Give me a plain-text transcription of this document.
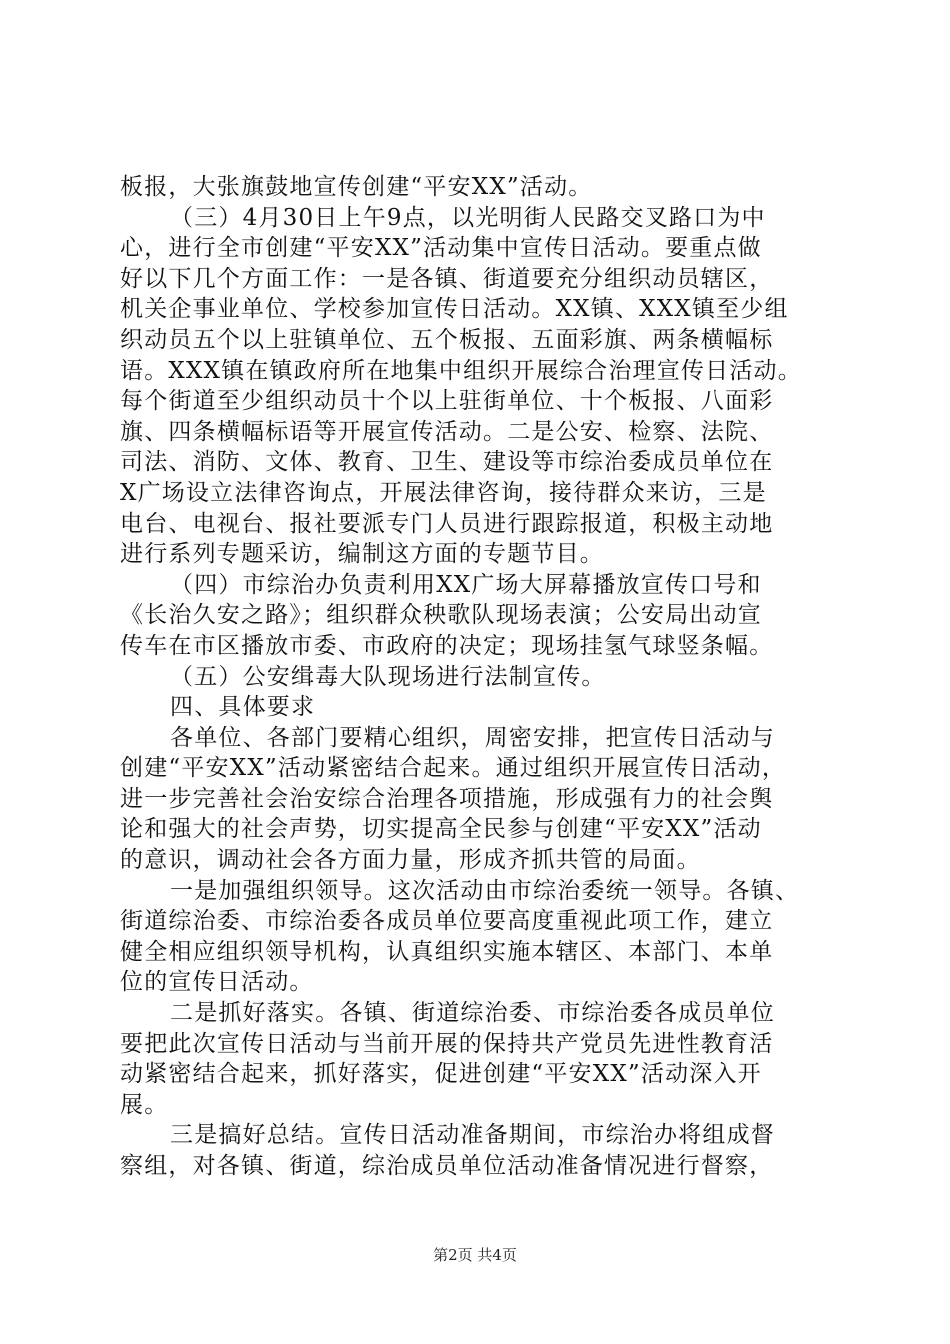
板报，大张旗鼓地宣传创建“平安XX”活动。
（三）4月30日上午9点，以光明街人民路交叉路口为中
心，进行全市创建“平安XX”活动集中宣传日活动。要重点做
好以下几个方面工作：一是各镇、街道要充分组织动员辖区，
机关企事业单位、学校参加宣传日活动。XX镇、XXX镇至少组
织动员五个以上驻镇单位、五个板报、五面彩旗、两条横幅标
语。XXX镇在镇政府所在地集中组织开展综合治理宣传日活动。
每个街道至少组织动员十个以上驻街单位、十个板报、八面彩
旗、四条横幅标语等开展宣传活动。二是公安、检察、法院、
司法、消防、文体、教育、卫生、建设等市综治委成员单位在
X广场设立法律咨询点，开展法律咨询，接待群众来访，三是
电台、电视台、报社要派专门人员进行跟踪报道，积极主动地
进行系列专题采访，编制这方面的专题节目。
（四）市综治办负责利用XX广场大屏幕播放宣传口号和
《长治久安之路》；组织群众秧歌队现场表演；公安局出动宣
传车在市区播放市委、市政府的决定；现场挂氢气球竖条幅。
（五）公安缉毒大队现场进行法制宣传。
四、具体要求
各单位、各部门要精心组织，周密安排，把宣传日活动与
创建“平安XX”活动紧密结合起来。通过组织开展宣传日活动，
进一步完善社会治安综合治理各项措施，形成强有力的社会舆
论和强大的社会声势，切实提高全民参与创建“平安XX”活动
的意识，调动社会各方面力量，形成齐抓共管的局面。
一是加强组织领导。这次活动由市综治委统一领导。各镇、
街道综治委、市综治委各成员单位要高度重视此项工作，建立
健全相应组织领导机构，认真组织实施本辖区、本部门、本单
位的宣传日活动。
二是抓好落实。各镇、街道综治委、市综治委各成员单位
要把此次宣传日活动与当前开展的保持共产党员先进性教育活
动紧密结合起来，抓好落实，促进创建“平安XX”活动深入开
展。
三是搞好总结。宣传日活动准备期间，市综治办将组成督
察组，对各镇、街道，综治成员单位活动准备情况进行督察，
第2页 共4页
